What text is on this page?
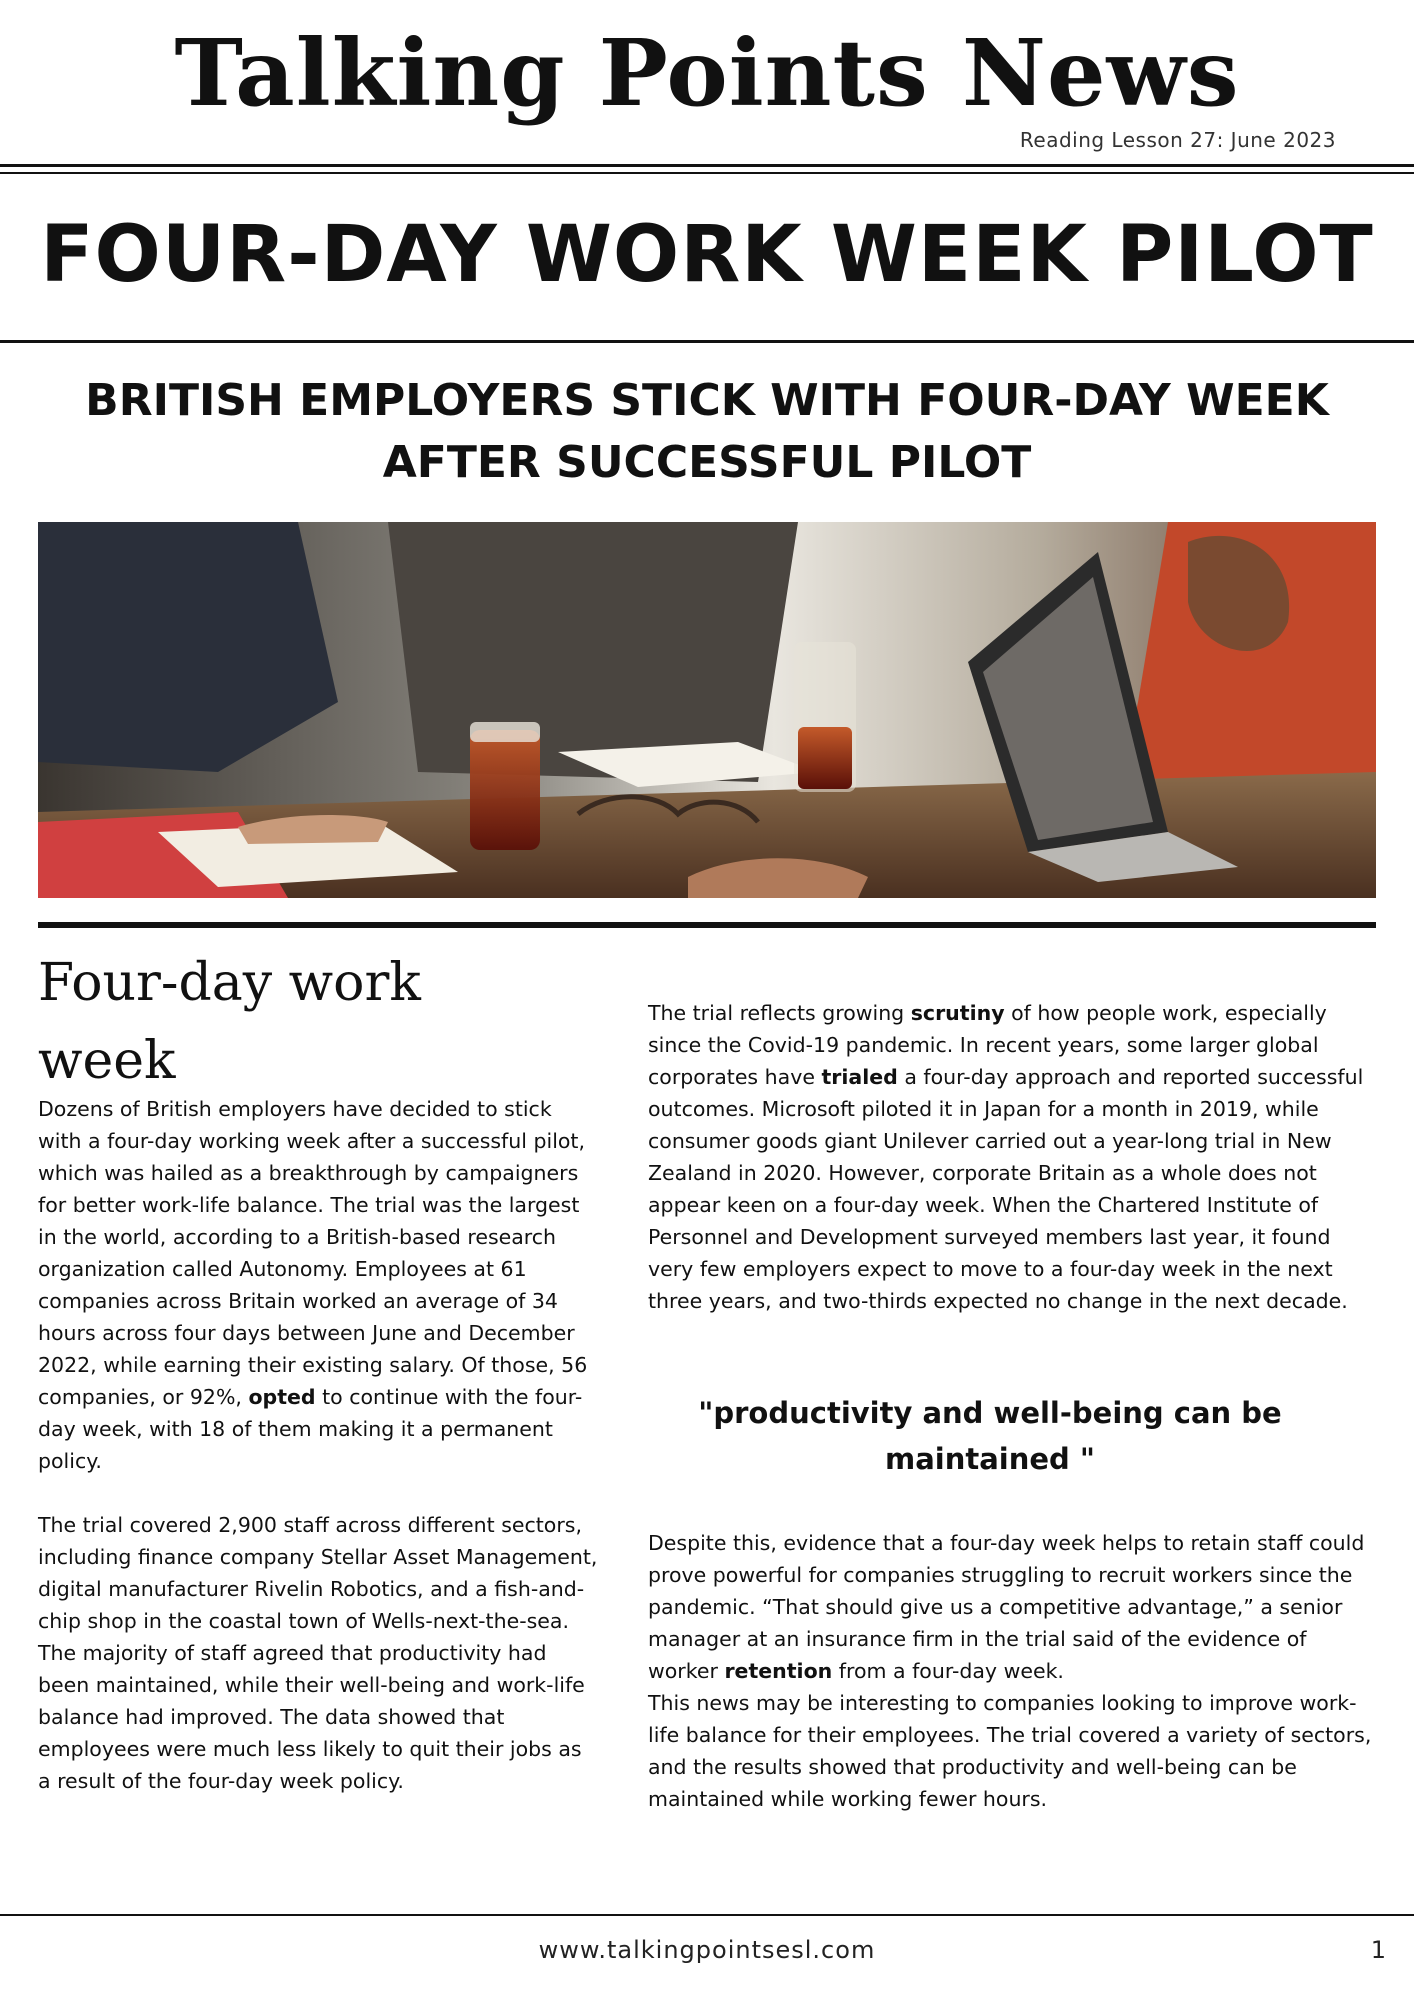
Talking Points News
Reading Lesson 27: June 2023
FOUR-DAY WORK WEEK PILOT
BRITISH EMPLOYERS STICK WITH FOUR-DAY WEEK AFTER SUCCESSFUL PILOT
Four-day work week

Dozens of British employers have decided to stick with a four-day working week after a successful pilot, which was hailed as a breakthrough by campaigners for better work-life balance. The trial was the largest in the world, according to a British-based research organization called Autonomy. Employees at 61 companies across Britain worked an average of 34 hours across four days between June and December 2022, while earning their existing salary. Of those, 56 companies, or 92%, opted to continue with the four-day week, with 18 of them making it a permanent policy.

The trial covered 2,900 staff across different sectors, including finance company Stellar Asset Management, digital manufacturer Rivelin Robotics, and a fish-and-chip shop in the coastal town of Wells-next-the-sea. The majority of staff agreed that productivity had been maintained, while their well-being and work-life balance had improved. The data showed that employees were much less likely to quit their jobs as a result of the four-day week policy.

The trial reflects growing scrutiny of how people work, especially since the Covid-19 pandemic. In recent years, some larger global corporates have trialed a four-day approach and reported successful outcomes. Microsoft piloted it in Japan for a month in 2019, while consumer goods giant Unilever carried out a year-long trial in New Zealand in 2020. However, corporate Britain as a whole does not appear keen on a four-day week. When the Chartered Institute of Personnel and Development surveyed members last year, it found very few employers expect to move to a four-day week in the next three years, and two-thirds expected no change in the next decade.

"productivity and well-being can be maintained "

Despite this, evidence that a four-day week helps to retain staff could prove powerful for companies struggling to recruit workers since the pandemic. “That should give us a competitive advantage,” a senior manager at an insurance firm in the trial said of the evidence of worker retention from a four-day week.

This news may be interesting to companies looking to improve work-life balance for their employees. The trial covered a variety of sectors, and the results showed that productivity and well-being can be maintained while working fewer hours.

www.talkingpointsesl.com	1
